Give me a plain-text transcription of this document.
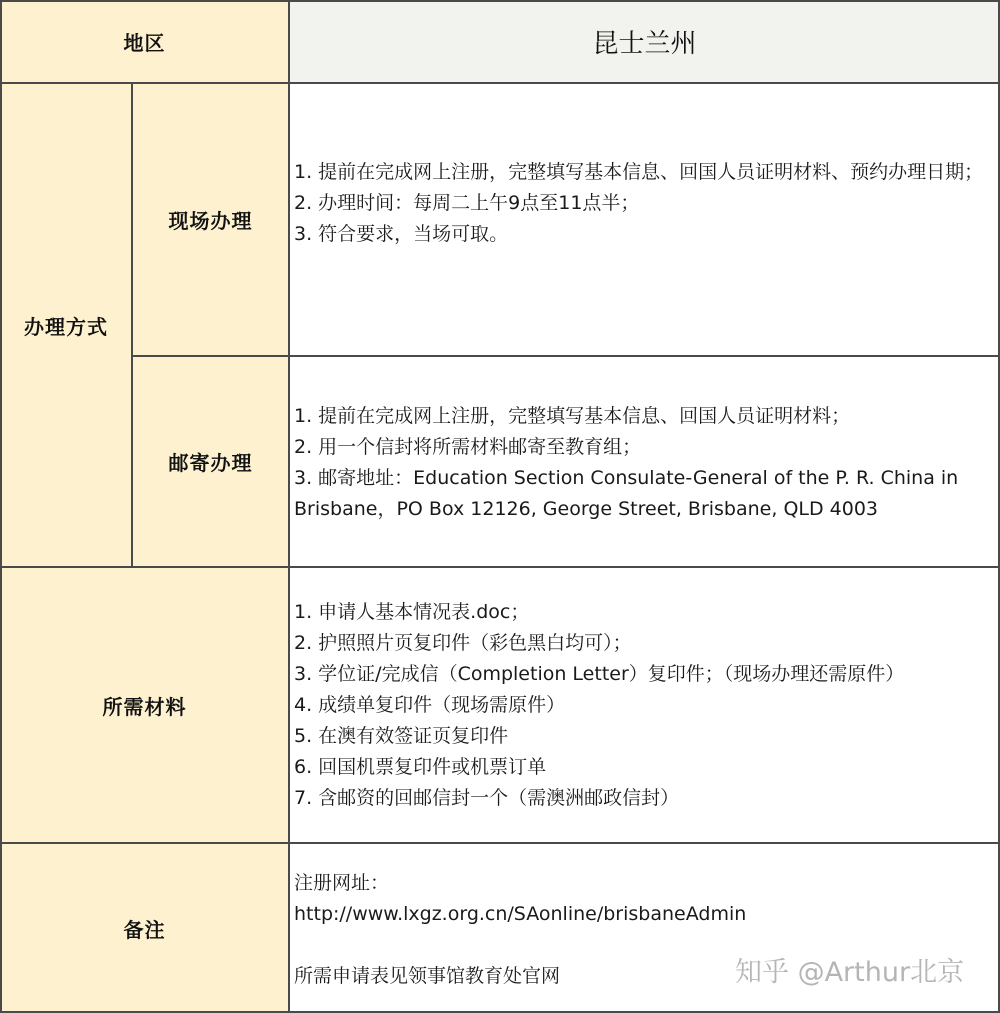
地区	昆士兰州
办理方式
现场办理
1. 提前在完成网上注册，完整填写基本信息、回国人员证明材料、预约办理日期；
2. 办理时间：每周二上午9点至11点半；
3. 符合要求，当场可取。
邮寄办理
1. 提前在完成网上注册，完整填写基本信息、回国人员证明材料；
2. 用一个信封将所需材料邮寄至教育组；
3. 邮寄地址：Education Section Consulate-General of the P. R. China in Brisbane，PO Box 12126, George Street, Brisbane, QLD 4003
所需材料
1. 申请人基本情况表.doc；
2. 护照照片页复印件（彩色黑白均可）；
3. 学位证/完成信（Completion Letter）复印件；（现场办理还需原件）
4. 成绩单复印件（现场需原件）
5. 在澳有效签证页复印件
6. 回国机票复印件或机票订单
7. 含邮资的回邮信封一个（需澳洲邮政信封）
备注
注册网址：
http://www.lxgz.org.cn/SAonline/brisbaneAdmin
所需申请表见领事馆教育处官网	知乎 @Arthur北京
